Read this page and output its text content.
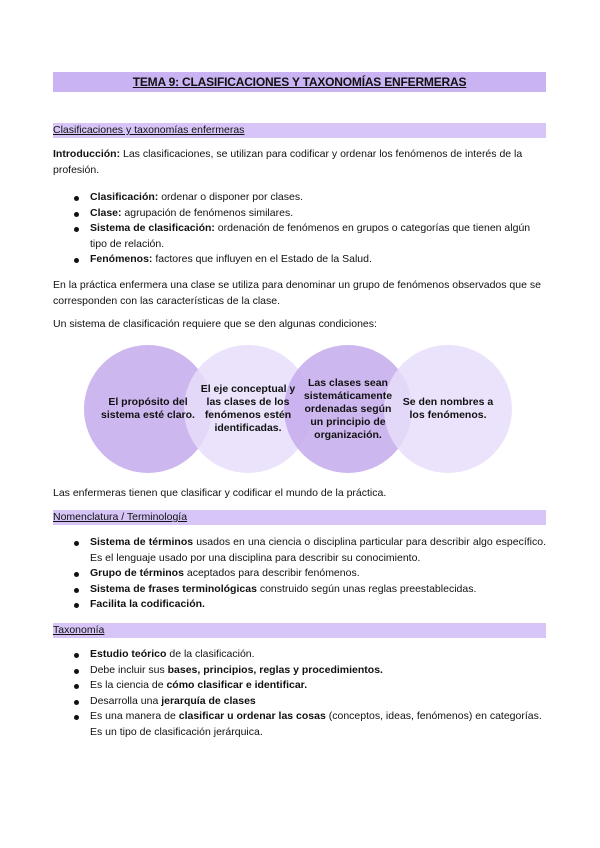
TEMA 9: CLASIFICACIONES Y TAXONOMÍAS ENFERMERAS
Clasificaciones y taxonomías enfermeras
Introducción: Las clasificaciones, se utilizan para codificar y ordenar los fenómenos de interés de la profesión.
Clasificación: ordenar o disponer por clases.
Clase: agrupación de fenómenos similares.
Sistema de clasificación: ordenación de fenómenos en grupos o categorías que tienen algún tipo de relación.
Fenómenos: factores que influyen en el Estado de la Salud.
En la práctica enfermera una clase se utiliza para denominar un grupo de fenómenos observados que se corresponden con las características de la clase.
Un sistema de clasificación requiere que se den algunas condiciones:
El propósito del sistema esté claro.
El eje conceptual y las clases de los fenómenos estén identificadas.
Las clases sean sistemáticamente ordenadas según un principio de organización.
Se den nombres a los fenómenos.
Las enfermeras tienen que clasificar y codificar el mundo de la práctica.
Nomenclatura / Terminología
Sistema de términos usados en una ciencia o disciplina particular para describir algo específico. Es el lenguaje usado por una disciplina para describir su conocimiento.
Grupo de términos aceptados para describir fenómenos.
Sistema de frases terminológicas construido según unas reglas preestablecidas.
Facilita la codificación.
Taxonomía
Estudio teórico de la clasificación.
Debe incluir sus bases, principios, reglas y procedimientos.
Es la ciencia de cómo clasificar e identificar.
Desarrolla una jerarquía de clases
Es una manera de clasificar u ordenar las cosas (conceptos, ideas, fenómenos) en categorías. Es un tipo de clasificación jerárquica.
